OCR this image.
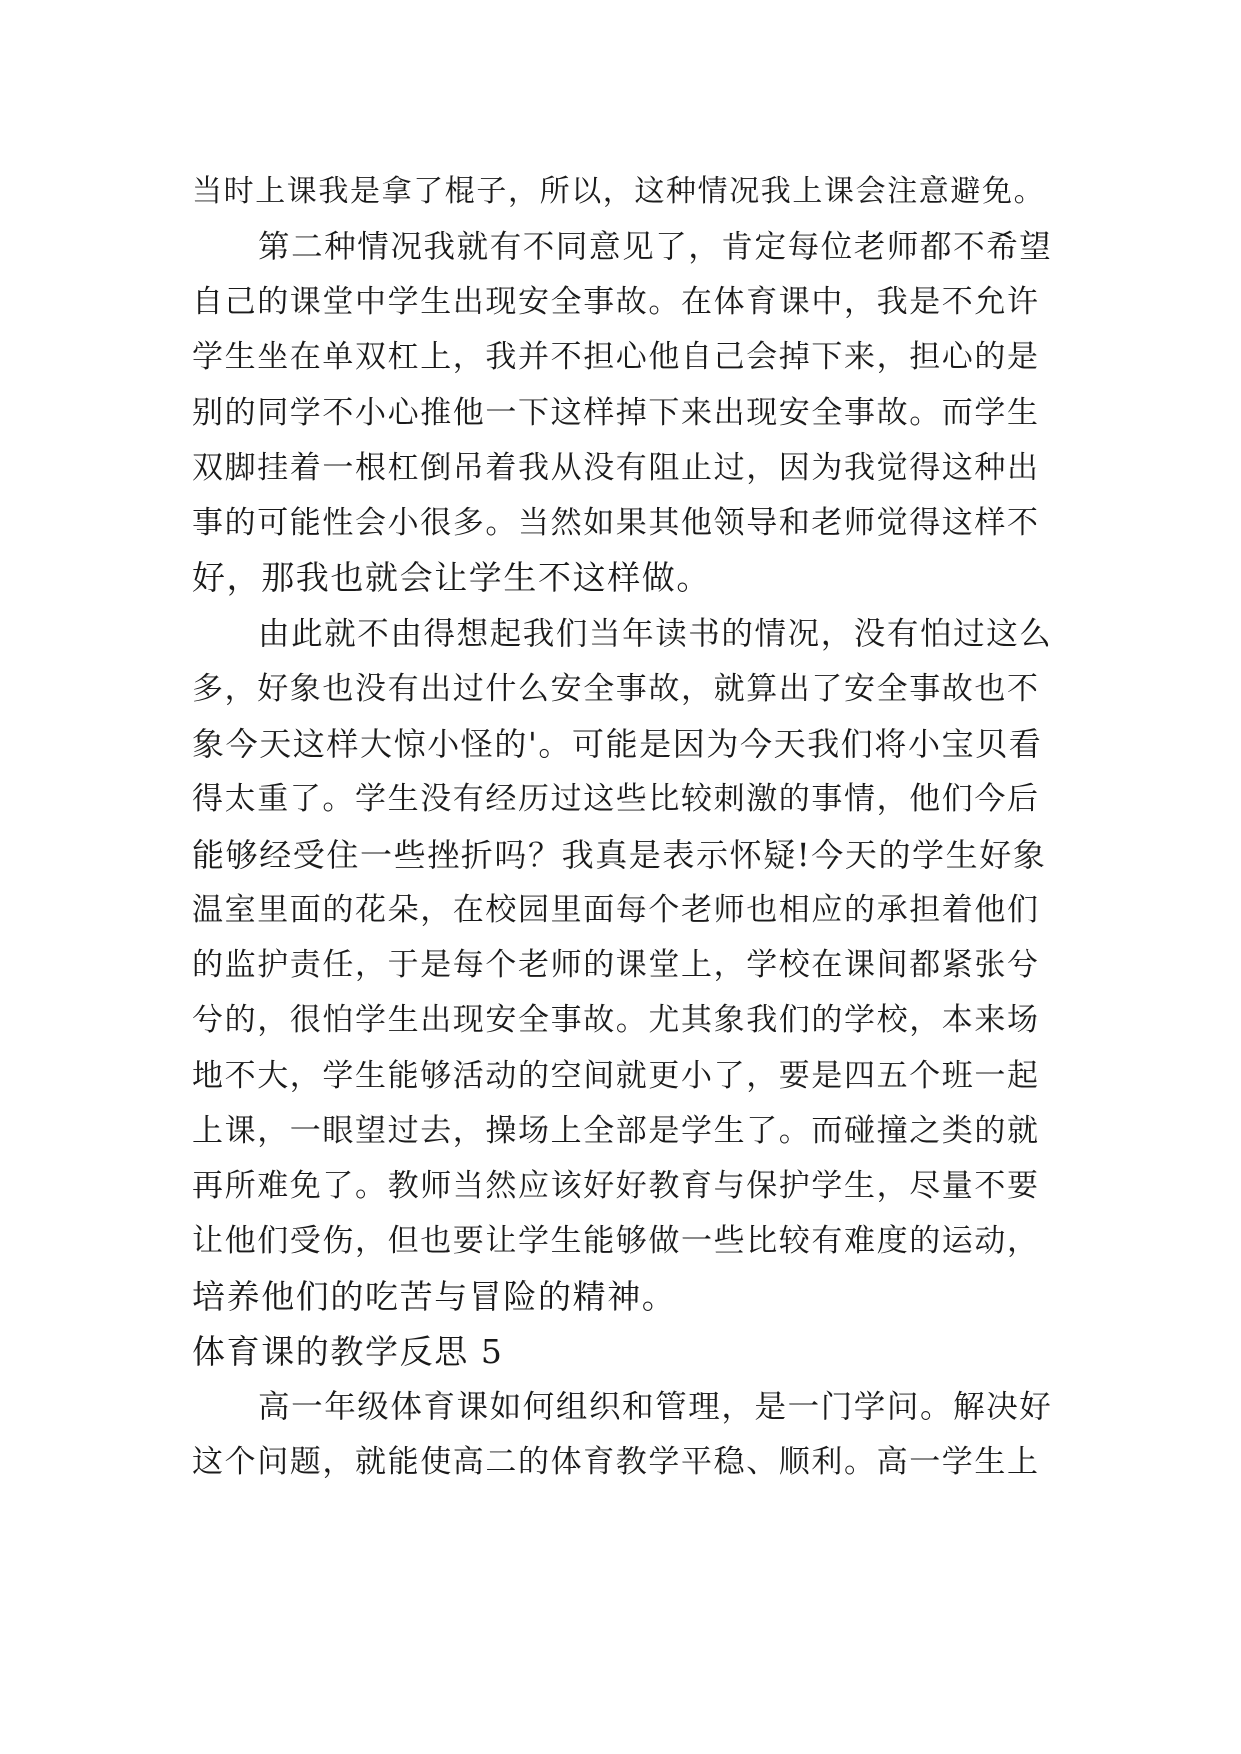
当时上课我是拿了棍子，所以，这种情况我上课会注意避免。
第二种情况我就有不同意见了，肯定每位老师都不希望
自己的课堂中学生出现安全事故。在体育课中，我是不允许
学生坐在单双杠上，我并不担心他自己会掉下来，担心的是
别的同学不小心推他一下这样掉下来出现安全事故。而学生
双脚挂着一根杠倒吊着我从没有阻止过，因为我觉得这种出
事的可能性会小很多。当然如果其他领导和老师觉得这样不
好，那我也就会让学生不这样做。
由此就不由得想起我们当年读书的情况，没有怕过这么
多，好象也没有出过什么安全事故，就算出了安全事故也不
象今天这样大惊小怪的'。可能是因为今天我们将小宝贝看
得太重了。学生没有经历过这些比较刺激的事情，他们今后
能够经受住一些挫折吗？我真是表示怀疑!今天的学生好象
温室里面的花朵，在校园里面每个老师也相应的承担着他们
的监护责任，于是每个老师的课堂上，学校在课间都紧张兮
兮的，很怕学生出现安全事故。尤其象我们的学校，本来场
地不大，学生能够活动的空间就更小了，要是四五个班一起
上课，一眼望过去，操场上全部是学生了。而碰撞之类的就
再所难免了。教师当然应该好好教育与保护学生，尽量不要
让他们受伤，但也要让学生能够做一些比较有难度的运动，
培养他们的吃苦与冒险的精神。
体育课的教学反思 5
高一年级体育课如何组织和管理，是一门学问。解决好
这个问题，就能使高二的体育教学平稳、顺利。高一学生上
